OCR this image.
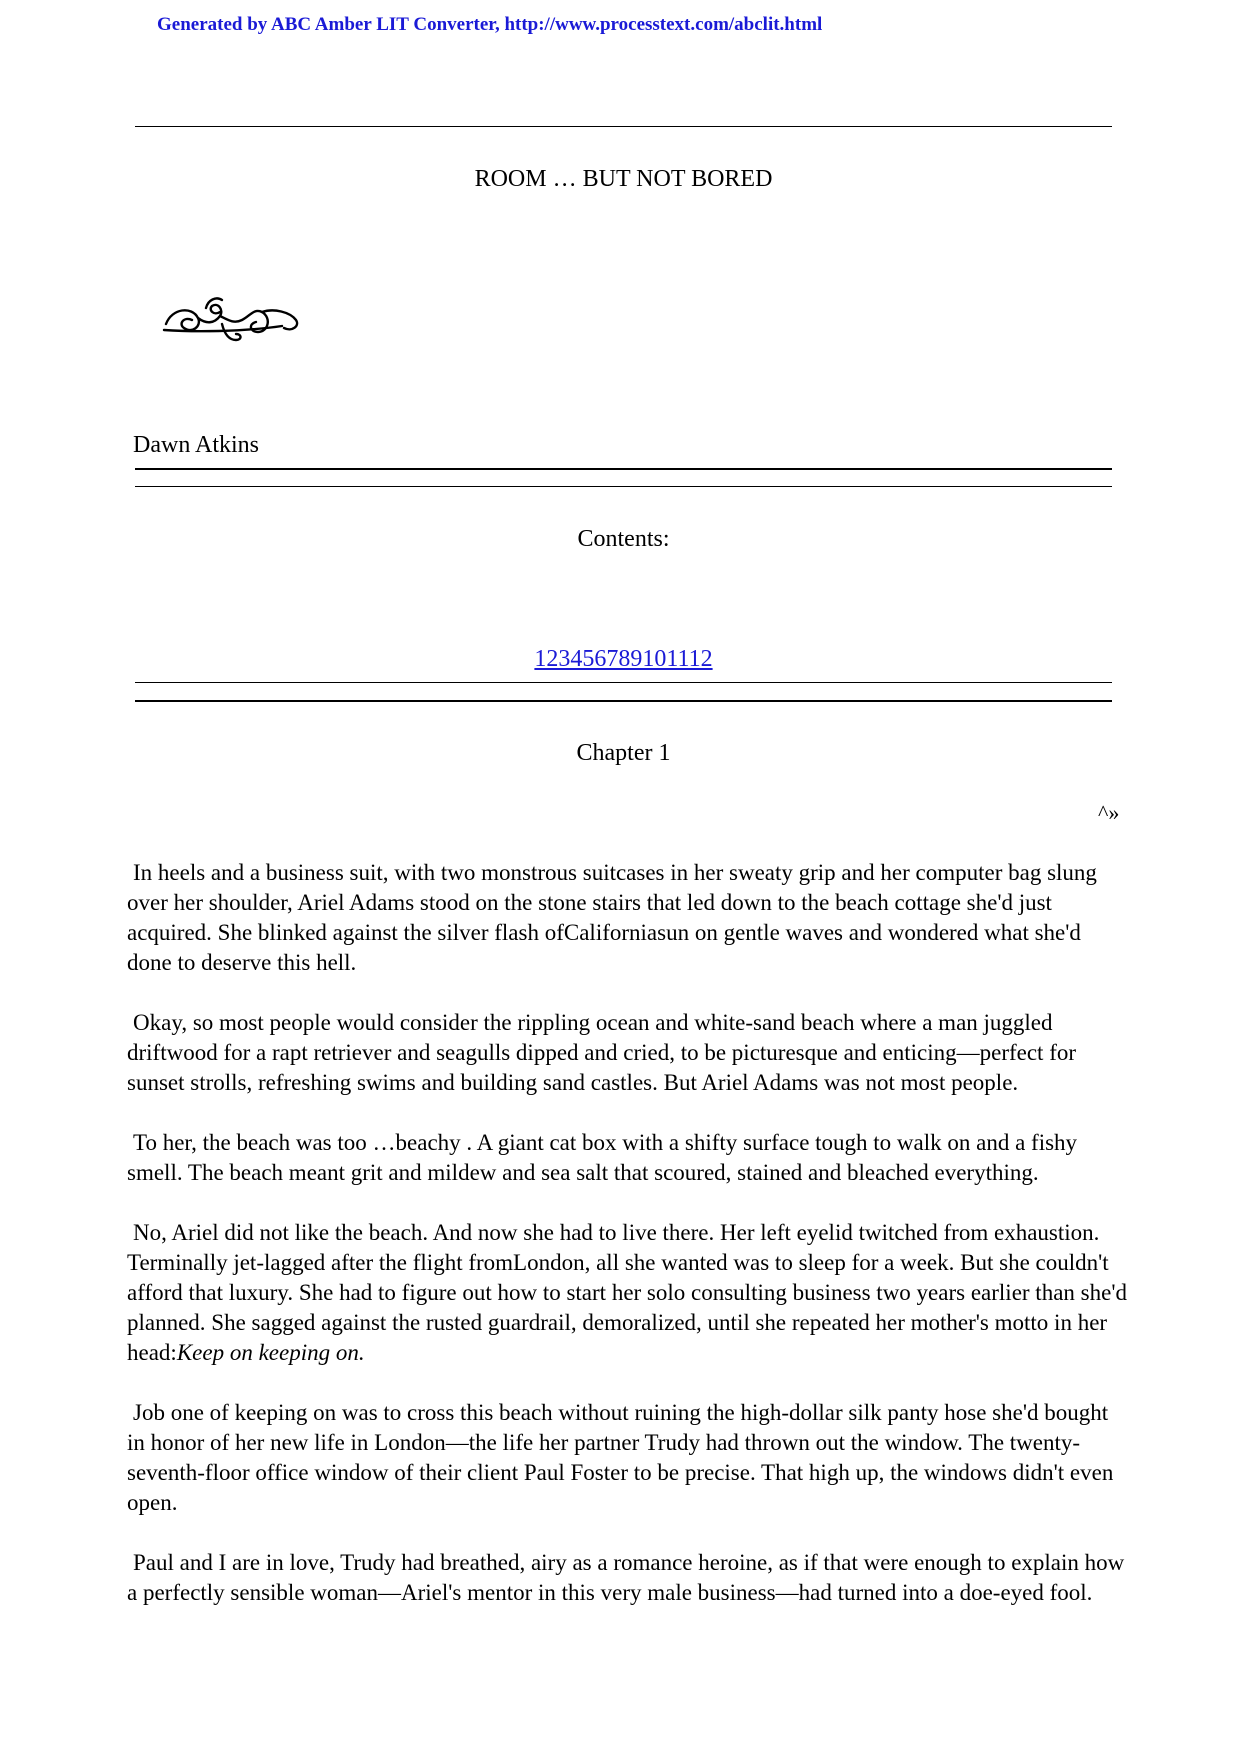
Generated by ABC Amber LIT Converter, http://www.processtext.com/abclit.html
ROOM … BUT NOT BORED
Dawn Atkins
Contents:
123456789101112
Chapter 1
^»

In heels and a business suit, with two monstrous suitcases in her sweaty grip and her computer bag slung over her shoulder, Ariel Adams stood on the stone stairs that led down to the beach cottage she'd just acquired. She blinked against the silver flash ofCaliforniasun on gentle waves and wondered what she'd done to deserve this hell.

Okay, so most people would consider the rippling ocean and white-sand beach where a man juggled driftwood for a rapt retriever and seagulls dipped and cried, to be picturesque and enticing—perfect for sunset strolls, refreshing swims and building sand castles. But Ariel Adams was not most people.

To her, the beach was too …beachy . A giant cat box with a shifty surface tough to walk on and a fishy smell. The beach meant grit and mildew and sea salt that scoured, stained and bleached everything.

No, Ariel did not like the beach. And now she had to live there. Her left eyelid twitched from exhaustion. Terminally jet-lagged after the flight fromLondon, all she wanted was to sleep for a week. But she couldn't afford that luxury. She had to figure out how to start her solo consulting business two years earlier than she'd planned. She sagged against the rusted guardrail, demoralized, until she repeated her mother's motto in her head:Keep on keeping on.

Job one of keeping on was to cross this beach without ruining the high-dollar silk panty hose she'd bought in honor of her new life in London—the life her partner Trudy had thrown out the window. The twenty-seventh-floor office window of their client Paul Foster to be precise. That high up, the windows didn't even open.

Paul and I are in love, Trudy had breathed, airy as a romance heroine, as if that were enough to explain how a perfectly sensible woman—Ariel's mentor in this very male business—had turned into a doe-eyed fool.
